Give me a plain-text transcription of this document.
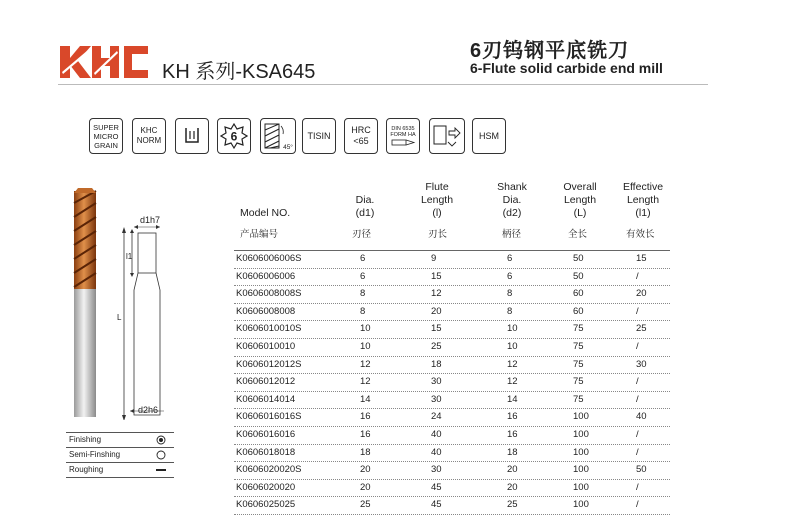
KH 系列-KSA645
6刃钨钢平底铣刀
6-Flute solid carbide end mill
SUPER MICRO GRAIN
KHC NORM	6
45°
TISIN
HRC <65
DIN 6535 FORM HA	HSM
d1h7
l1
L
d2h6
Finishing
Semi-Finshing
Roughing
Model NO.
产品编号
Dia.
(d1)
刃径
Flute
Length
(l)
刃长
Shank
Dia.
(d2)
柄径
Overall
Length
(L)
全长
Effective
Length
(l1)
有效长
K0606006006S	6	9	6	50	15
K0606006006	6	15	6	50	/
K0606008008S	8	12	8	60	20
K0606008008	8	20	8	60	/
K0606010010S	10	15	10	75	25
K0606010010	10	25	10	75	/
K0606012012S	12	18	12	75	30
K0606012012	12	30	12	75	/
K0606014014	14	30	14	75	/
K0606016016S	16	24	16	100	40
K0606016016	16	40	16	100	/
K0606018018	18	40	18	100	/
K0606020020S	20	30	20	100	50
K0606020020	20	45	20	100	/
K0606025025	25	45	25	100	/
